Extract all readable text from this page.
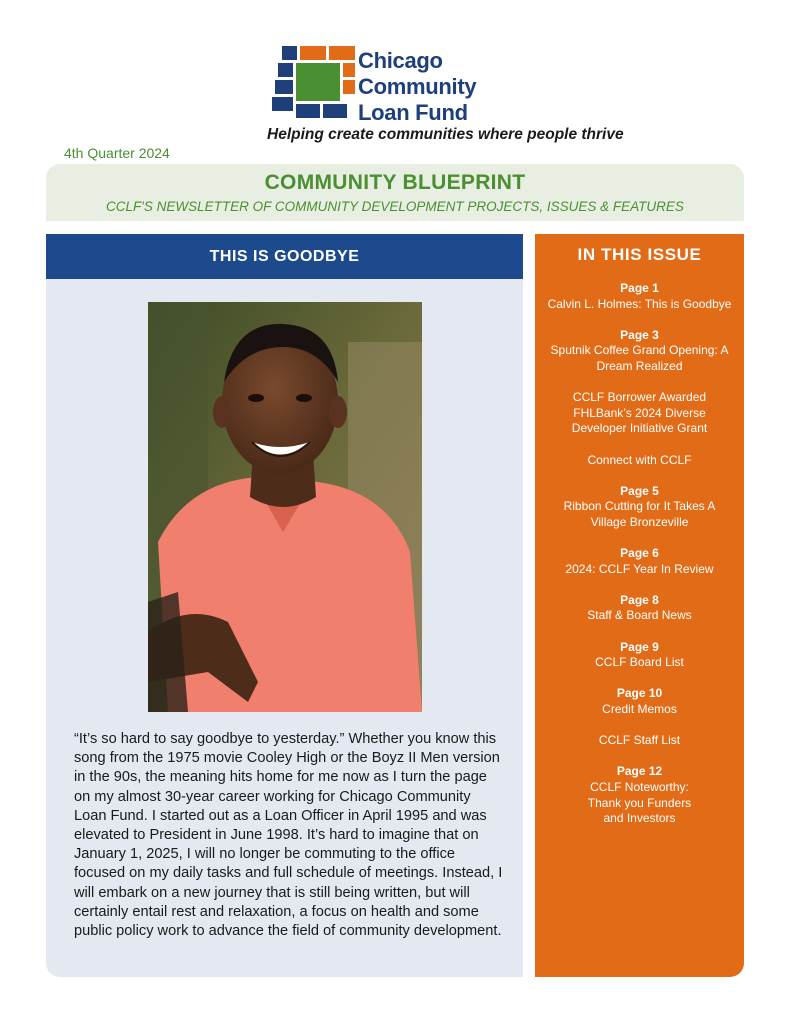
Chicago
Community
Loan Fund
Helping create communities where people thrive
4th Quarter 2024
COMMUNITY BLUEPRINT
CCLF'S NEWSLETTER OF COMMUNITY DEVELOPMENT PROJECTS, ISSUES & FEATURES
THIS IS GOODBYE
“It’s so hard to say goodbye to yesterday.” Whether you know this song from the 1975 movie Cooley High or the Boyz II Men version in the 90s, the meaning hits home for me now as I turn the page on my almost 30-year career working for Chicago Community Loan Fund. I started out as a Loan Officer in April 1995 and was elevated to President in June 1998. It’s hard to imagine that on January 1, 2025, I will no longer be commuting to the office focused on my daily tasks and full schedule of meetings. Instead, I will embark on a new journey that is still being written, but will certainly entail rest and relaxation, a focus on health and some public policy work to advance the field of community development.
IN THIS ISSUE
Page 1
Calvin L. Holmes: This is Goodbye
Page 3
Sputnik Coffee Grand Opening: A Dream Realized
CCLF Borrower Awarded FHLBank’s 2024 Diverse Developer Initiative Grant
Connect with CCLF
Page 5
Ribbon Cutting for It Takes A Village Bronzeville
Page 6
2024: CCLF Year In Review
Page 8
Staff & Board News
Page 9
CCLF Board List
Page 10
Credit Memos
CCLF Staff List
Page 12
CCLF Noteworthy: Thank you Funders and Investors
